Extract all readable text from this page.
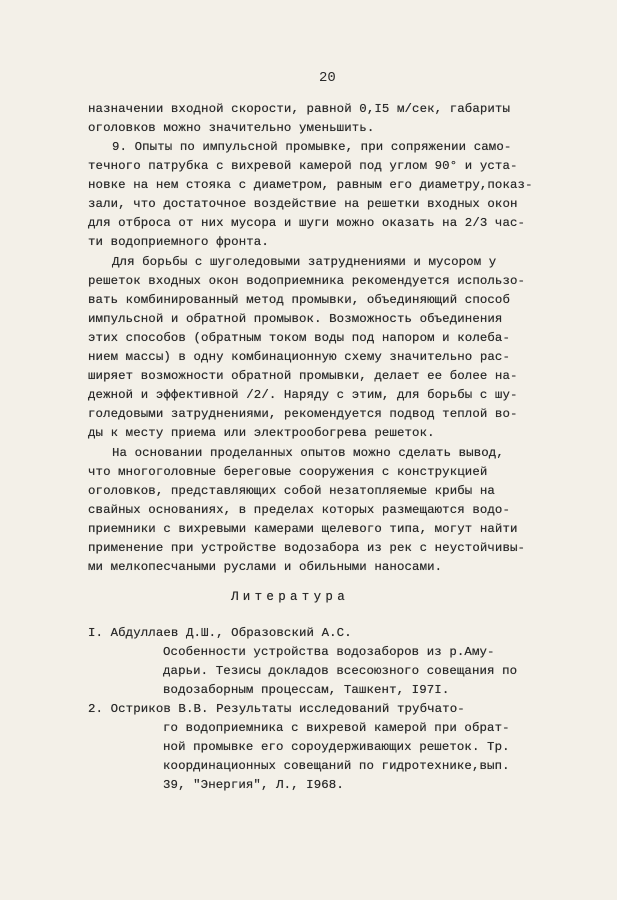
20
назначении входной скорости, равной 0,I5 м/сек, габариты
оголовков можно значительно уменьшить.
9. Опыты по импульсной промывке, при сопряжении само-
течного патрубка с вихревой камерой под углом 90° и уста-
новке на нем стояка с диаметром, равным его диаметру,показ-
зали, что достаточное воздействие на решетки входных окон
для отброса от них мусора и шуги можно оказать на 2/3 час-
ти водоприемного фронта.
Для борьбы с шуголедовыми затруднениями и мусором у
решеток входных окон водоприемника рекомендуется использо-
вать комбинированный метод промывки, объединяющий способ
импульсной и обратной промывок. Возможность объединения
этих способов (обратным током воды под напором и колеба-
нием массы) в одну комбинационную схему значительно рас-
ширяет возможности обратной промывки, делает ее более на-
дежной и эффективной /2/. Наряду с этим, для борьбы с шу-
голедовыми затруднениями, рекомендуется подвод теплой во-
ды к месту приема или электрообогрева решеток.
На основании проделанных опытов можно сделать вывод,
что многоголовные береговые сооружения с конструкцией
оголовков, представляющих собой незатопляемые крибы на
свайных основаниях, в пределах которых размещаются водо-
приемники с вихревыми камерами щелевого типа, могут найти
применение при устройстве водозабора из рек с неустойчивы-
ми мелкопесчаными руслами и обильными наносами.
Литература
I. Абдуллаев Д.Ш., Образовский А.С.
Особенности устройства водозаборов из р.Аму-
дарьи. Тезисы докладов всесоюзного совещания по
водозаборным процессам, Ташкент, I97I.
2. Остриков В.В. Результаты исследований трубчато-
го водоприемника с вихревой камерой при обрат-
ной промывке его сороудерживающих решеток. Тр.
координационных совещаний по гидротехнике,вып.
39, "Энергия", Л., I968.
